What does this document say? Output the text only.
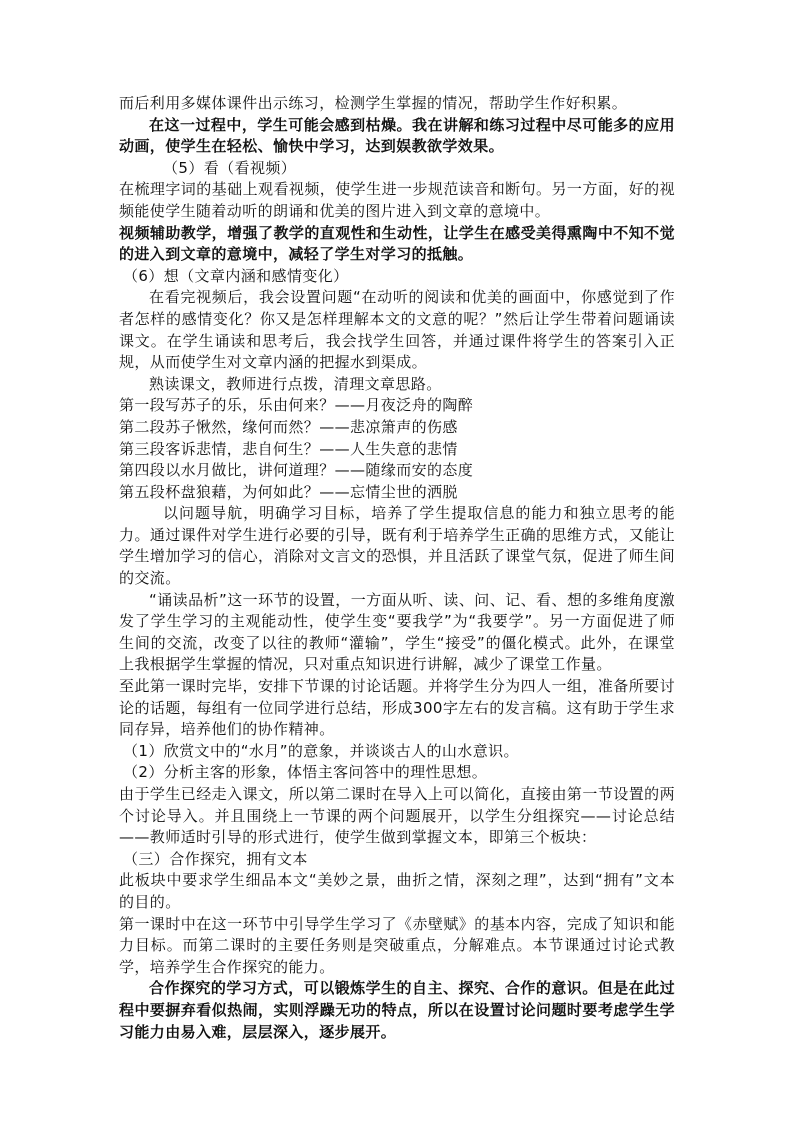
而后利用多媒体课件出示练习，检测学生掌握的情况，帮助学生作好积累。

在这一过程中，学生可能会感到枯燥。我在讲解和练习过程中尽可能多的应用动画，使学生在轻松、愉快中学习，达到娱教欲学效果。

（5）看（看视频）

在梳理字词的基础上观看视频，使学生进一步规范读音和断句。另一方面，好的视频能使学生随着动听的朗诵和优美的图片进入到文章的意境中。

视频辅助教学，增强了教学的直观性和生动性，让学生在感受美得熏陶中不知不觉的进入到文章的意境中，减轻了学生对学习的抵触。

（6）想（文章内涵和感情变化）

在看完视频后，我会设置问题“在动听的阅读和优美的画面中，你感觉到了作者怎样的感情变化？你又是怎样理解本文的文意的呢？”然后让学生带着问题诵读课文。在学生诵读和思考后，我会找学生回答，并通过课件将学生的答案引入正规，从而使学生对文章内涵的把握水到渠成。

熟读课文，教师进行点拨，清理文章思路。

第一段写苏子的乐，乐由何来？——月夜泛舟的陶醉

第二段苏子愀然，缘何而然？——悲凉箫声的伤感

第三段客诉悲情，悲自何生？——人生失意的悲情

第四段以水月做比，讲何道理？——随缘而安的态度

第五段杯盘狼藉，为何如此？——忘情尘世的洒脱

以问题导航，明确学习目标，培养了学生提取信息的能力和独立思考的能力。通过课件对学生进行必要的引导，既有利于培养学生正确的思维方式，又能让学生增加学习的信心，消除对文言文的恐惧，并且活跃了课堂气氛，促进了师生间的交流。

“诵读品析”这一环节的设置，一方面从听、读、问、记、看、想的多维角度激发了学生学习的主观能动性，使学生变“要我学”为“我要学”。另一方面促进了师生间的交流，改变了以往的教师“灌输”，学生“接受”的僵化模式。此外，在课堂上我根据学生掌握的情况，只对重点知识进行讲解，减少了课堂工作量。

至此第一课时完毕，安排下节课的讨论话题。并将学生分为四人一组，准备所要讨论的话题，每组有一位同学进行总结，形成300字左右的发言稿。这有助于学生求同存异，培养他们的协作精神。

（1）欣赏文中的“水月”的意象，并谈谈古人的山水意识。

（2）分析主客的形象，体悟主客问答中的理性思想。

由于学生已经走入课文，所以第二课时在导入上可以简化，直接由第一节设置的两个讨论导入。并且围绕上一节课的两个问题展开，以学生分组探究——讨论总结——教师适时引导的形式进行，使学生做到掌握文本，即第三个板块：

（三）合作探究，拥有文本

此板块中要求学生细品本文“美妙之景，曲折之情，深刻之理”，达到“拥有”文本的目的。

第一课时中在这一环节中引导学生学习了《赤壁赋》的基本内容，完成了知识和能力目标。而第二课时的主要任务则是突破重点，分解难点。本节课通过讨论式教学，培养学生合作探究的能力。

合作探究的学习方式，可以锻炼学生的自主、探究、合作的意识。但是在此过程中要摒弃看似热闹，实则浮躁无功的特点，所以在设置讨论问题时要考虑学生学习能力由易入难，层层深入，逐步展开。
